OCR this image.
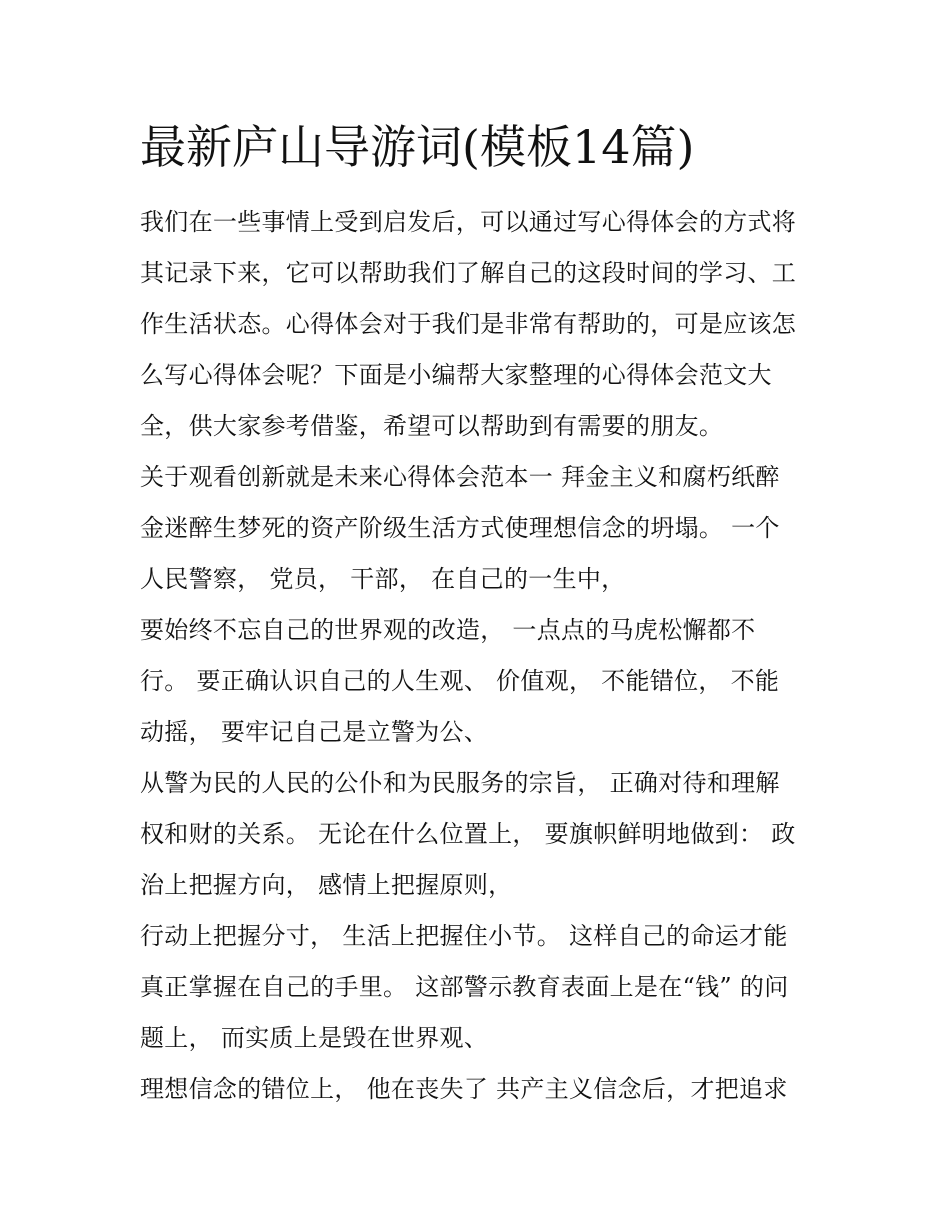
最新庐山导游词(模板14篇)
我们在一些事情上受到启发后，可以通过写心得体会的方式将
其记录下来，它可以帮助我们了解自己的这段时间的学习、工
作生活状态。心得体会对于我们是非常有帮助的，可是应该怎
么写心得体会呢？下面是小编帮大家整理的心得体会范文大
全，供大家参考借鉴，希望可以帮助到有需要的朋友。
关于观看创新就是未来心得体会范本一 拜金主义和腐朽纸醉
金迷醉生梦死的资产阶级生活方式使理想信念的坍塌。 一个
人民警察， 党员， 干部， 在自己的一生中，
要始终不忘自己的世界观的改造， 一点点的马虎松懈都不
行。 要正确认识自己的人生观、 价值观， 不能错位， 不能
动摇， 要牢记自己是立警为公、
从警为民的人民的公仆和为民服务的宗旨， 正确对待和理解
权和财的关系。 无论在什么位置上， 要旗帜鲜明地做到： 政
治上把握方向， 感情上把握原则，
行动上把握分寸， 生活上把握住小节。 这样自己的命运才能
真正掌握在自己的手里。 这部警示教育表面上是在“钱” 的问
题上， 而实质上是毁在世界观、
理想信念的错位上， 他在丧失了 共产主义信念后，才把追求
